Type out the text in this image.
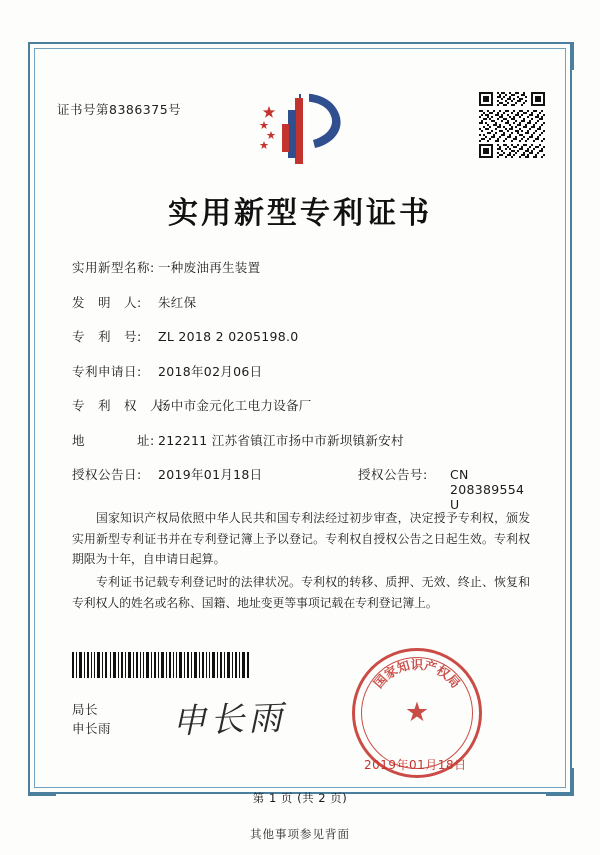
证书号第8386375号
实用新型专利证书
实用新型名称: 一种废油再生装置
发　明　人:	朱红保
专　利　号:	ZL 2018 2 0205198.0
专利申请日:	2018年02月06日
专　利　权　人:
扬中市金元化工电力设备厂
地　　　　址: 212211 江苏省镇江市扬中市新坝镇新安村
授权公告日:	2019年01月18日	授权公告号:	CN 208389554 U

国家知识产权局依照中华人民共和国专利法经过初步审查，决定授予专利权，颁发实用新型专利证书并在专利登记簿上予以登记。专利权自授权公告之日起生效。专利权期限为十年，自申请日起算。

专利证书记载专利登记时的法律状况。专利权的转移、质押、无效、终止、恢复和专利权人的姓名或名称、国籍、地址变更等事项记载在专利登记簿上。

国家知识产权局
★
2019年01月18日
局长
申长雨 申长雨
第 1 页 (共 2 页)
其他事项参见背面
